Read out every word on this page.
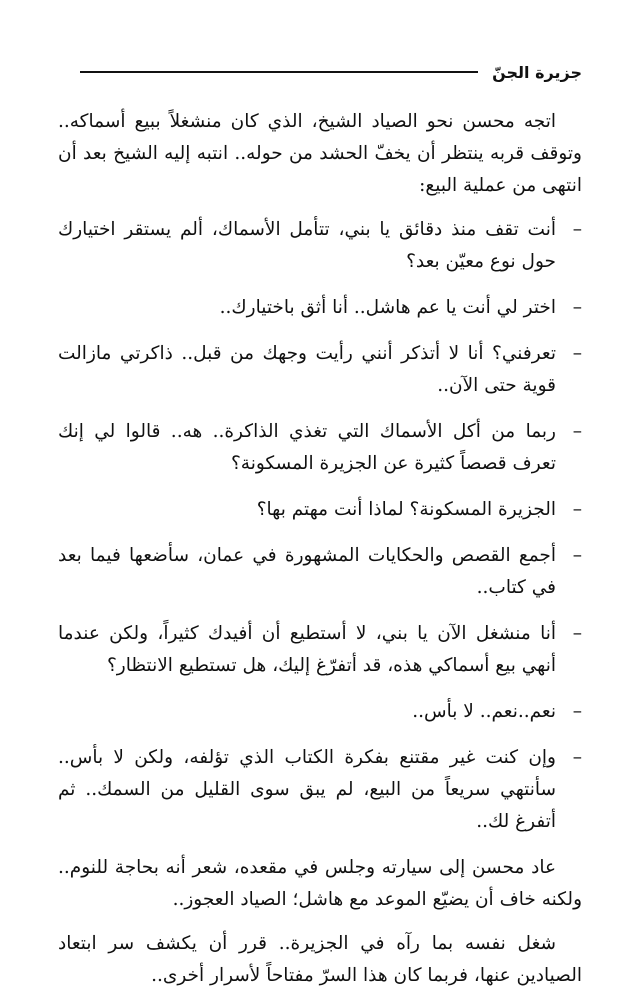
جزيرة الجنّ

اتجه محسن نحو الصياد الشيخ، الذي كان منشغلاً ببيع أسماكه.. وتوقف قربه ينتظر أن يخفّ الحشد من حوله.. انتبه إليه الشيخ بعد أن انتهى من عملية البيع:

–
أنت تقف منذ دقائق يا بني، تتأمل الأسماك، ألم يستقر اختيارك حول نوع معيّن بعد؟
–
اختر لي أنت يا عم هاشل.. أنا أثق باختيارك..
–
تعرفني؟ أنا لا أتذكر أنني رأيت وجهك من قبل.. ذاكرتي مازالت قوية حتى الآن..
–
ربما من أكل الأسماك التي تغذي الذاكرة.. هه.. قالوا لي إنك تعرف قصصاً كثيرة عن الجزيرة المسكونة؟
–
الجزيرة المسكونة؟ لماذا أنت مهتم بها؟
–
أجمع القصص والحكايات المشهورة في عمان، سأضعها فيما بعد في كتاب..
–
أنا منشغل الآن يا بني، لا أستطيع أن أفيدك كثيراً، ولكن عندما أنهي بيع أسماكي هذه، قد أتفرّغ إليك، هل تستطيع الانتظار؟
–
نعم..نعم.. لا بأس..
–
وإن كنت غير مقتنع بفكرة الكتاب الذي تؤلفه، ولكن لا بأس.. سأنتهي سريعاً من البيع، لم يبق سوى القليل من السمك.. ثم أتفرغ لك..

عاد محسن إلى سيارته وجلس في مقعده، شعر أنه بحاجة للنوم.. ولكنه خاف أن يضيّع الموعد مع هاشل؛ الصياد العجوز..

شغل نفسه بما رآه في الجزيرة.. قرر أن يكشف سر ابتعاد الصيادين عنها، فربما كان هذا السرّ مفتاحاً لأسرار أخرى..
